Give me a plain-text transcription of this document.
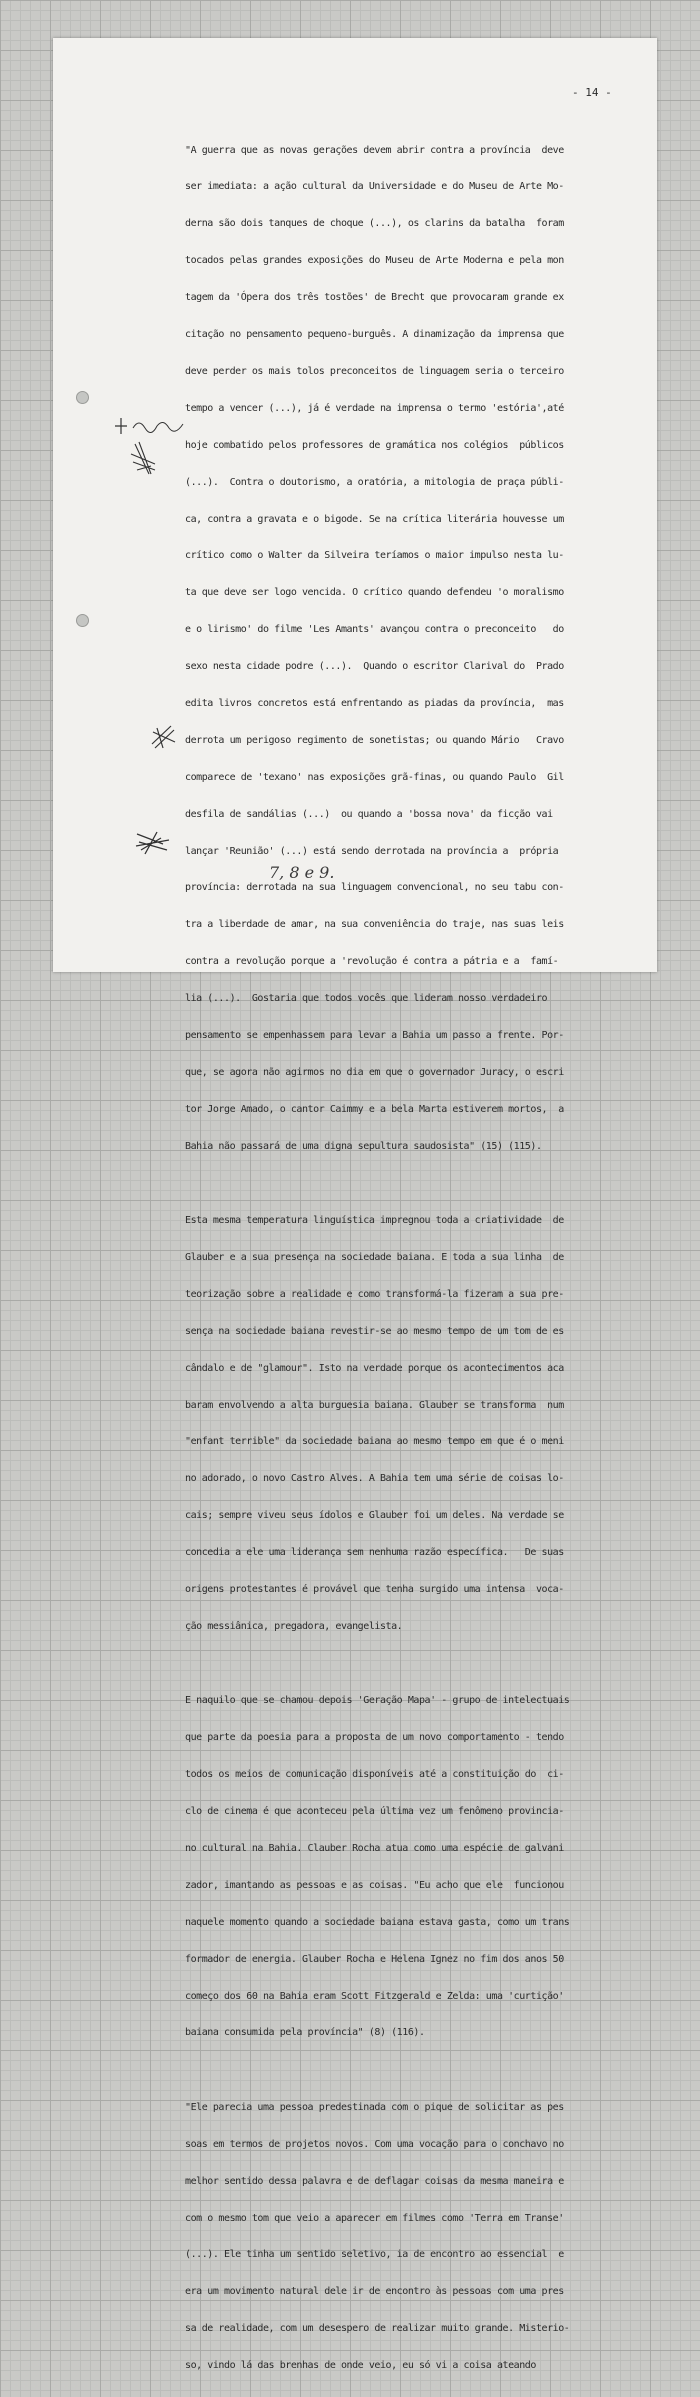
- 14 -

"A guerra que as novas gerações devem abrir contra a província  deve

ser imediata: a ação cultural da Universidade e do Museu de Arte Mo-

derna são dois tanques de choque (...), os clarins da batalha  foram

tocados pelas grandes exposições do Museu de Arte Moderna e pela mon

tagem da 'Ópera dos três tostões' de Brecht que provocaram grande ex

citação no pensamento pequeno-burguês. A dinamização da imprensa que

deve perder os mais tolos preconceitos de linguagem seria o terceiro

tempo a vencer (...), já é verdade na imprensa o termo 'estória',até

hoje combatido pelos professores de gramática nos colégios  públicos

(...).  Contra o doutorismo, a oratória, a mitologia de praça públi-

ca, contra a gravata e o bigode. Se na crítica literária houvesse um

crítico como o Walter da Silveira teríamos o maior impulso nesta lu-

ta que deve ser logo vencida. O crítico quando defendeu 'o moralismo

e o lirismo' do filme 'Les Amants' avançou contra o preconceito   do

sexo nesta cidade podre (...).  Quando o escritor Clarival do  Prado

edita livros concretos está enfrentando as piadas da província,  mas

derrota um perigoso regimento de sonetistas; ou quando Mário   Cravo

comparece de 'texano' nas exposições grã-finas, ou quando Paulo  Gil

desfila de sandálias (...)  ou quando a 'bossa nova' da ficção vai

lançar 'Reunião' (...) está sendo derrotada na província a  própria

província: derrotada na sua linguagem convencional, no seu tabu con-

tra a liberdade de amar, na sua conveniência do traje, nas suas leis

contra a revolução porque a 'revolução é contra a pátria e a  famí-

lia (...).  Gostaria que todos vocês que lideram nosso verdadeiro

pensamento se empenhassem para levar a Bahia um passo a frente. Por-

que, se agora não agirmos no dia em que o governador Juracy, o escri

tor Jorge Amado, o cantor Caimmy e a bela Marta estiverem mortos,  a

Bahia não passará de uma digna sepultura saudosista" (15) (115).

Esta mesma temperatura linguística impregnou toda a criatividade  de

Glauber e a sua presença na sociedade baiana. E toda a sua linha  de

teorização sobre a realidade e como transformá-la fizeram a sua pre-

sença na sociedade baiana revestir-se ao mesmo tempo de um tom de es

cândalo e de "glamour". Isto na verdade porque os acontecimentos aca

baram envolvendo a alta burguesia baiana. Glauber se transforma  num

"enfant terrible" da sociedade baiana ao mesmo tempo em que é o meni

no adorado, o novo Castro Alves. A Bahia tem uma série de coisas lo-

cais; sempre viveu seus ídolos e Glauber foi um deles. Na verdade se

concedia a ele uma liderança sem nenhuma razão específica.   De suas

origens protestantes é provável que tenha surgido uma intensa  voca-

ção messiânica, pregadora, evangelista.

E naquilo que se chamou depois 'Geração Mapa' - grupo de intelectuais

que parte da poesia para a proposta de um novo comportamento - tendo

todos os meios de comunicação disponíveis até a constituição do  ci-

clo de cinema é que aconteceu pela última vez um fenômeno provincia-

no cultural na Bahia. Clauber Rocha atua como uma espécie de galvani

zador, imantando as pessoas e as coisas. "Eu acho que ele  funcionou

naquele momento quando a sociedade baiana estava gasta, como um trans

formador de energia. Glauber Rocha e Helena Ignez no fim dos anos 50

começo dos 60 na Bahia eram Scott Fitzgerald e Zelda: uma 'curtição'

baiana consumida pela província" (8) (116).

"Ele parecia uma pessoa predestinada com o pique de solicitar as pes

soas em termos de projetos novos. Com uma vocação para o conchavo no

melhor sentido dessa palavra e de deflagar coisas da mesma maneira e

com o mesmo tom que veio a aparecer em filmes como 'Terra em Transe'

(...). Ele tinha um sentido seletivo, ia de encontro ao essencial  e

era um movimento natural dele ir de encontro às pessoas com uma pres

sa de realidade, com um desespero de realizar muito grande. Misterio-

so, vindo lá das brenhas de onde veio, eu só vi a coisa ateando

7, 8 e 9.
